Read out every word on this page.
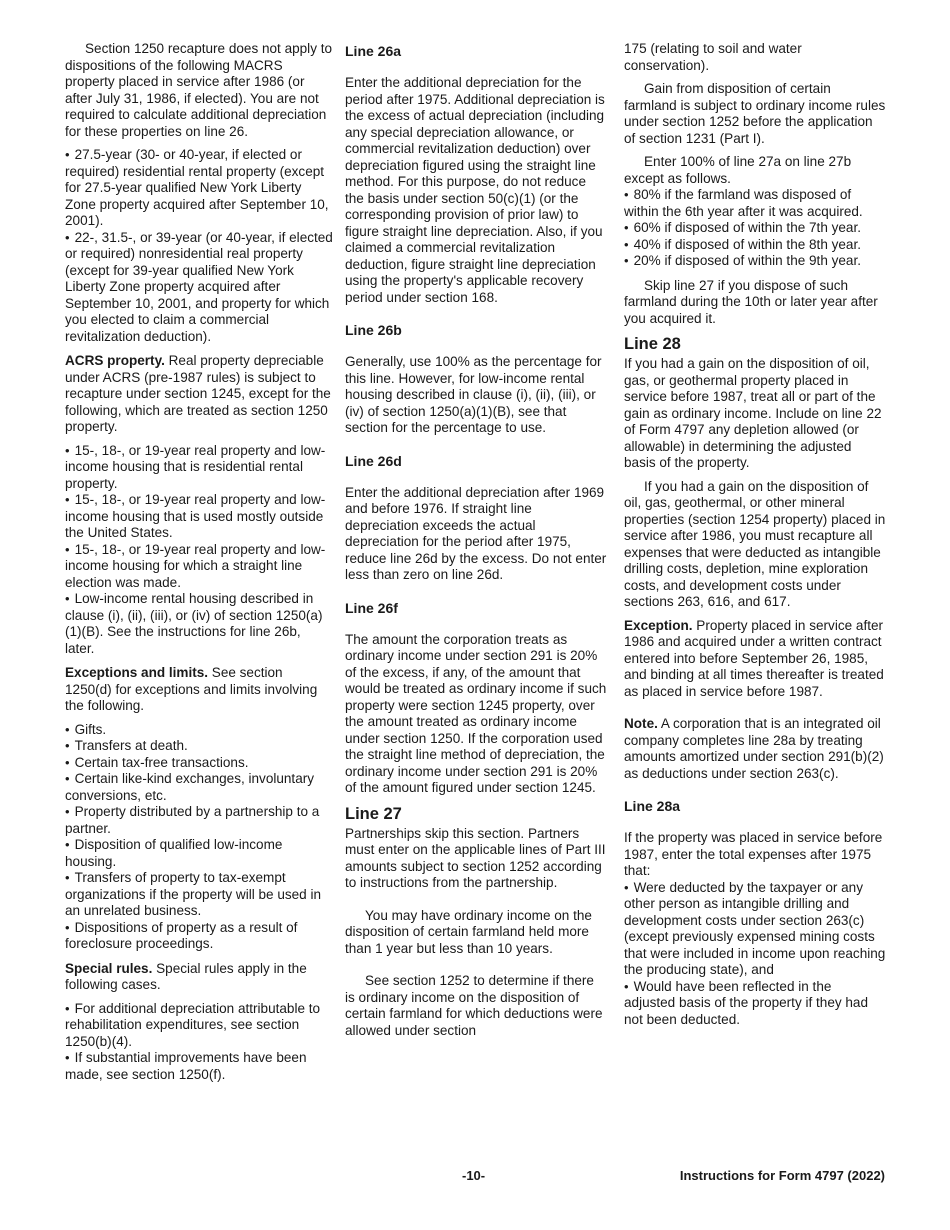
Section 1250 recapture does not apply to dispositions of the following MACRS property placed in service after 1986 (or after July 31, 1986, if elected). You are not required to calculate additional depreciation for these properties on line 26.

• 27.5-year (30- or 40-year, if elected or required) residential rental property (except for 27.5-year qualified New York Liberty Zone property acquired after September 10, 2001).
• 22-, 31.5-, or 39-year (or 40-year, if elected or required) nonresidential real property (except for 39-year qualified New York Liberty Zone property acquired after September 10, 2001, and property for which you elected to claim a commercial revitalization deduction).

ACRS property. Real property depreciable under ACRS (pre-1987 rules) is subject to recapture under section 1245, except for the following, which are treated as section 1250 property.

• 15-, 18-, or 19-year real property and low-income housing that is residential rental property.
• 15-, 18-, or 19-year real property and low-income housing that is used mostly outside the United States.
• 15-, 18-, or 19-year real property and low-income housing for which a straight line election was made.
• Low-income rental housing described in clause (i), (ii), (iii), or (iv) of section 1250(a)(1)(B). See the instructions for line 26b, later.

Exceptions and limits. See section 1250(d) for exceptions and limits involving the following.

• Gifts.
• Transfers at death.
• Certain tax-free transactions.
• Certain like-kind exchanges, involuntary conversions, etc.
• Property distributed by a partnership to a partner.
• Disposition of qualified low-income housing.
• Transfers of property to tax-exempt organizations if the property will be used in an unrelated business.
• Dispositions of property as a result of foreclosure proceedings.

Special rules. Special rules apply in the following cases.

• For additional depreciation attributable to rehabilitation expenditures, see section 1250(b)(4).
• If substantial improvements have been made, see section 1250(f).
Line 26a

Enter the additional depreciation for the period after 1975. Additional depreciation is the excess of actual depreciation (including any special depreciation allowance, or commercial revitalization deduction) over depreciation figured using the straight line method. For this purpose, do not reduce the basis under section 50(c)(1) (or the corresponding provision of prior law) to figure straight line depreciation. Also, if you claimed a commercial revitalization deduction, figure straight line depreciation using the property's applicable recovery period under section 168.

Line 26b

Generally, use 100% as the percentage for this line. However, for low-income rental housing described in clause (i), (ii), (iii), or (iv) of section 1250(a)(1)(B), see that section for the percentage to use.

Line 26d

Enter the additional depreciation after 1969 and before 1976. If straight line depreciation exceeds the actual depreciation for the period after 1975, reduce line 26d by the excess. Do not enter less than zero on line 26d.

Line 26f

The amount the corporation treats as ordinary income under section 291 is 20% of the excess, if any, of the amount that would be treated as ordinary income if such property were section 1245 property, over the amount treated as ordinary income under section 1250. If the corporation used the straight line method of depreciation, the ordinary income under section 291 is 20% of the amount figured under section 1245.

Line 27

Partnerships skip this section. Partners must enter on the applicable lines of Part III amounts subject to section 1252 according to instructions from the partnership.

You may have ordinary income on the disposition of certain farmland held more than 1 year but less than 10 years.

See section 1252 to determine if there is ordinary income on the disposition of certain farmland for which deductions were allowed under section

175 (relating to soil and water conservation).

Gain from disposition of certain farmland is subject to ordinary income rules under section 1252 before the application of section 1231 (Part I).

Enter 100% of line 27a on line 27b except as follows.

• 80% if the farmland was disposed of within the 6th year after it was acquired.
• 60% if disposed of within the 7th year.
• 40% if disposed of within the 8th year.
• 20% if disposed of within the 9th year.

Skip line 27 if you dispose of such farmland during the 10th or later year after you acquired it.

Line 28

If you had a gain on the disposition of oil, gas, or geothermal property placed in service before 1987, treat all or part of the gain as ordinary income. Include on line 22 of Form 4797 any depletion allowed (or allowable) in determining the adjusted basis of the property.

If you had a gain on the disposition of oil, gas, geothermal, or other mineral properties (section 1254 property) placed in service after 1986, you must recapture all expenses that were deducted as intangible drilling costs, depletion, mine exploration costs, and development costs under sections 263, 616, and 617.

Exception. Property placed in service after 1986 and acquired under a written contract entered into before September 26, 1985, and binding at all times thereafter is treated as placed in service before 1987.

Note. A corporation that is an integrated oil company completes line 28a by treating amounts amortized under section 291(b)(2) as deductions under section 263(c).

Line 28a

If the property was placed in service before 1987, enter the total expenses after 1975 that:

• Were deducted by the taxpayer or any other person as intangible drilling and development costs under section 263(c) (except previously expensed mining costs that were included in income upon reaching the producing state), and
• Would have been reflected in the adjusted basis of the property if they had not been deducted.
-10-	Instructions for Form 4797 (2022)
